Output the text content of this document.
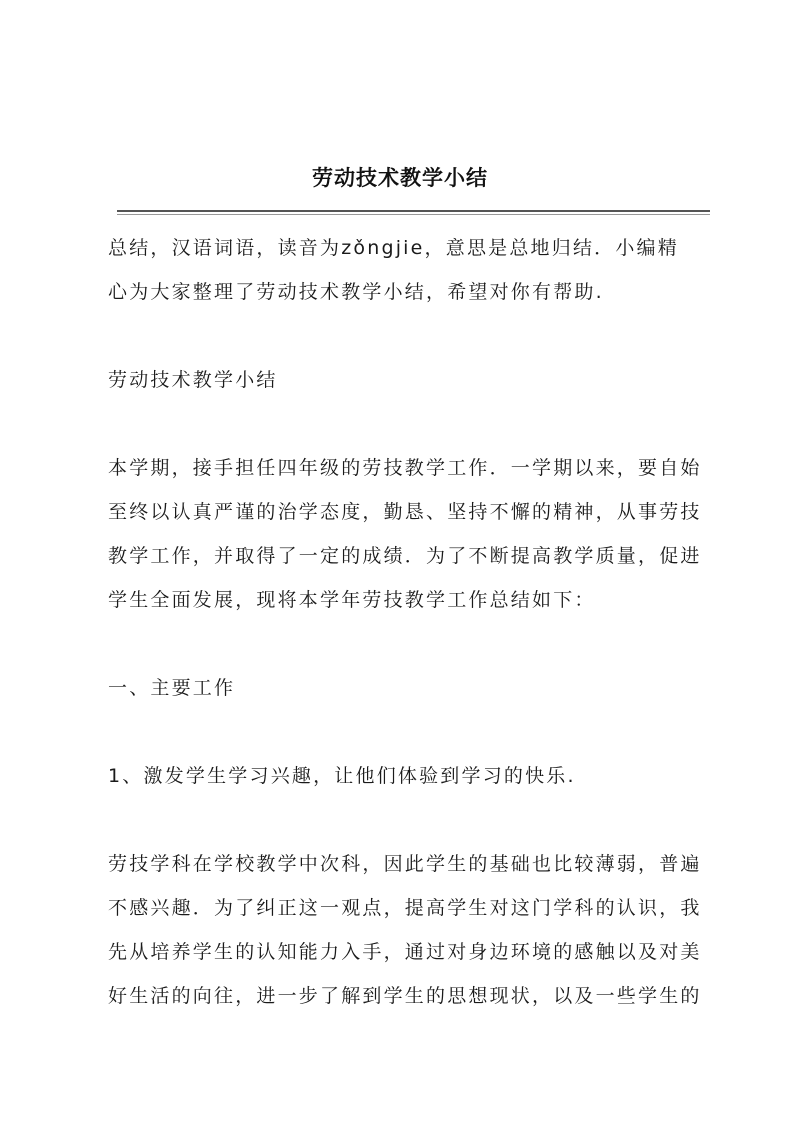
劳动技术教学小结

总结，汉语词语，读音为zǒngjie，意思是总地归结．小编精
心为大家整理了劳动技术教学小结，希望对你有帮助.

劳动技术教学小结

本学期，接手担任四年级的劳技教学工作．一学期以来，要自始
至终以认真严谨的治学态度，勤恳、坚持不懈的精神，从事劳技
教学工作，并取得了一定的成绩．为了不断提高教学质量，促进
学生全面发展，现将本学年劳技教学工作总结如下：

一、主要工作

1、激发学生学习兴趣，让他们体验到学习的快乐.

劳技学科在学校教学中次科，因此学生的基础也比较薄弱，普遍
不感兴趣．为了纠正这一观点，提高学生对这门学科的认识，我
先从培养学生的认知能力入手，通过对身边环境的感触以及对美
好生活的向往，进一步了解到学生的思想现状，以及一些学生的
